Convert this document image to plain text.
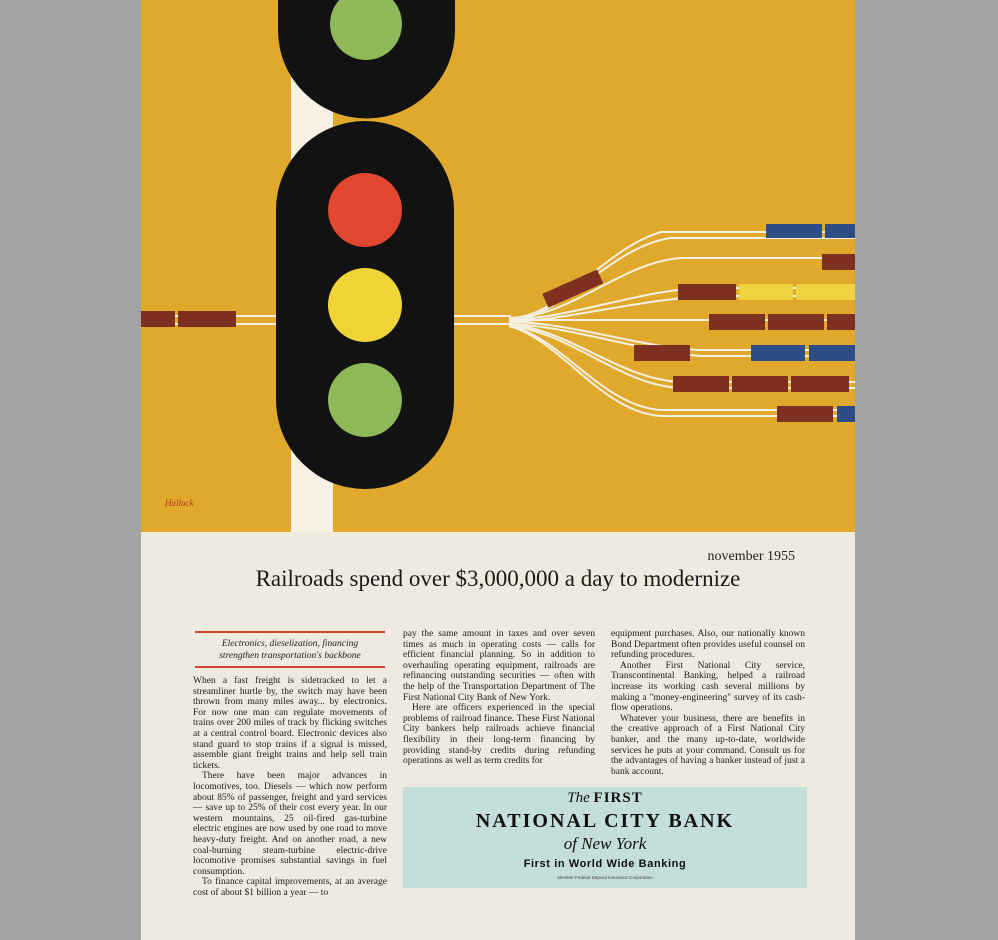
Hallock
november 1955
Railroads spend over $3,000,000 a day to modernize
Electronics, dieselization, financing
strengthen transportation's backbone

When a fast freight is sidetracked to let a streamliner hurtle by, the switch may have been thrown from many miles away... by electronics. For now one man can regulate movements of trains over 200 miles of track by flicking switches at a central control board. Electronic devices also stand guard to stop trains if a signal is missed, assemble giant freight trains and help sell train tickets.

There have been major advances in locomotives, too. Diesels — which now perform about 85% of passenger, freight and yard services — save up to 25% of their cost every year. In our western mountains, 25 oil-fired gas-turbine electric engines are now used by one road to move heavy-duty freight. And on another road, a new coal-burning steam-turbine electric-drive locomotive promises substantial savings in fuel consumption.

To finance capital improvements, at an average cost of about $1 billion a year — to

pay the same amount in taxes and over seven times as much in operating costs — calls for efficient financial planning. So in addition to overhauling operating equipment, railroads are refinancing outstanding securities — often with the help of the Transportation Department of The First National City Bank of New York.

Here are officers experienced in the special problems of railroad finance. These First National City bankers help railroads achieve financial flexibility in their long-term financing by providing stand-by credits during refunding operations as well as term credits for

equipment purchases. Also, our nationally known Bond Department often provides useful counsel on refunding procedures.

Another First National City service, Transcontinental Banking, helped a railroad increase its working cash several millions by making a "money-engineering" survey of its cash-flow operations.

Whatever your business, there are benefits in the creative approach of a First National City banker, and the many up-to-date, worldwide services he puts at your command. Consult us for the advantages of having a banker instead of just a bank account.

The FIRST
NATIONAL CITY BANK
of New York
First in World Wide Banking
Member Federal Deposit Insurance Corporation
